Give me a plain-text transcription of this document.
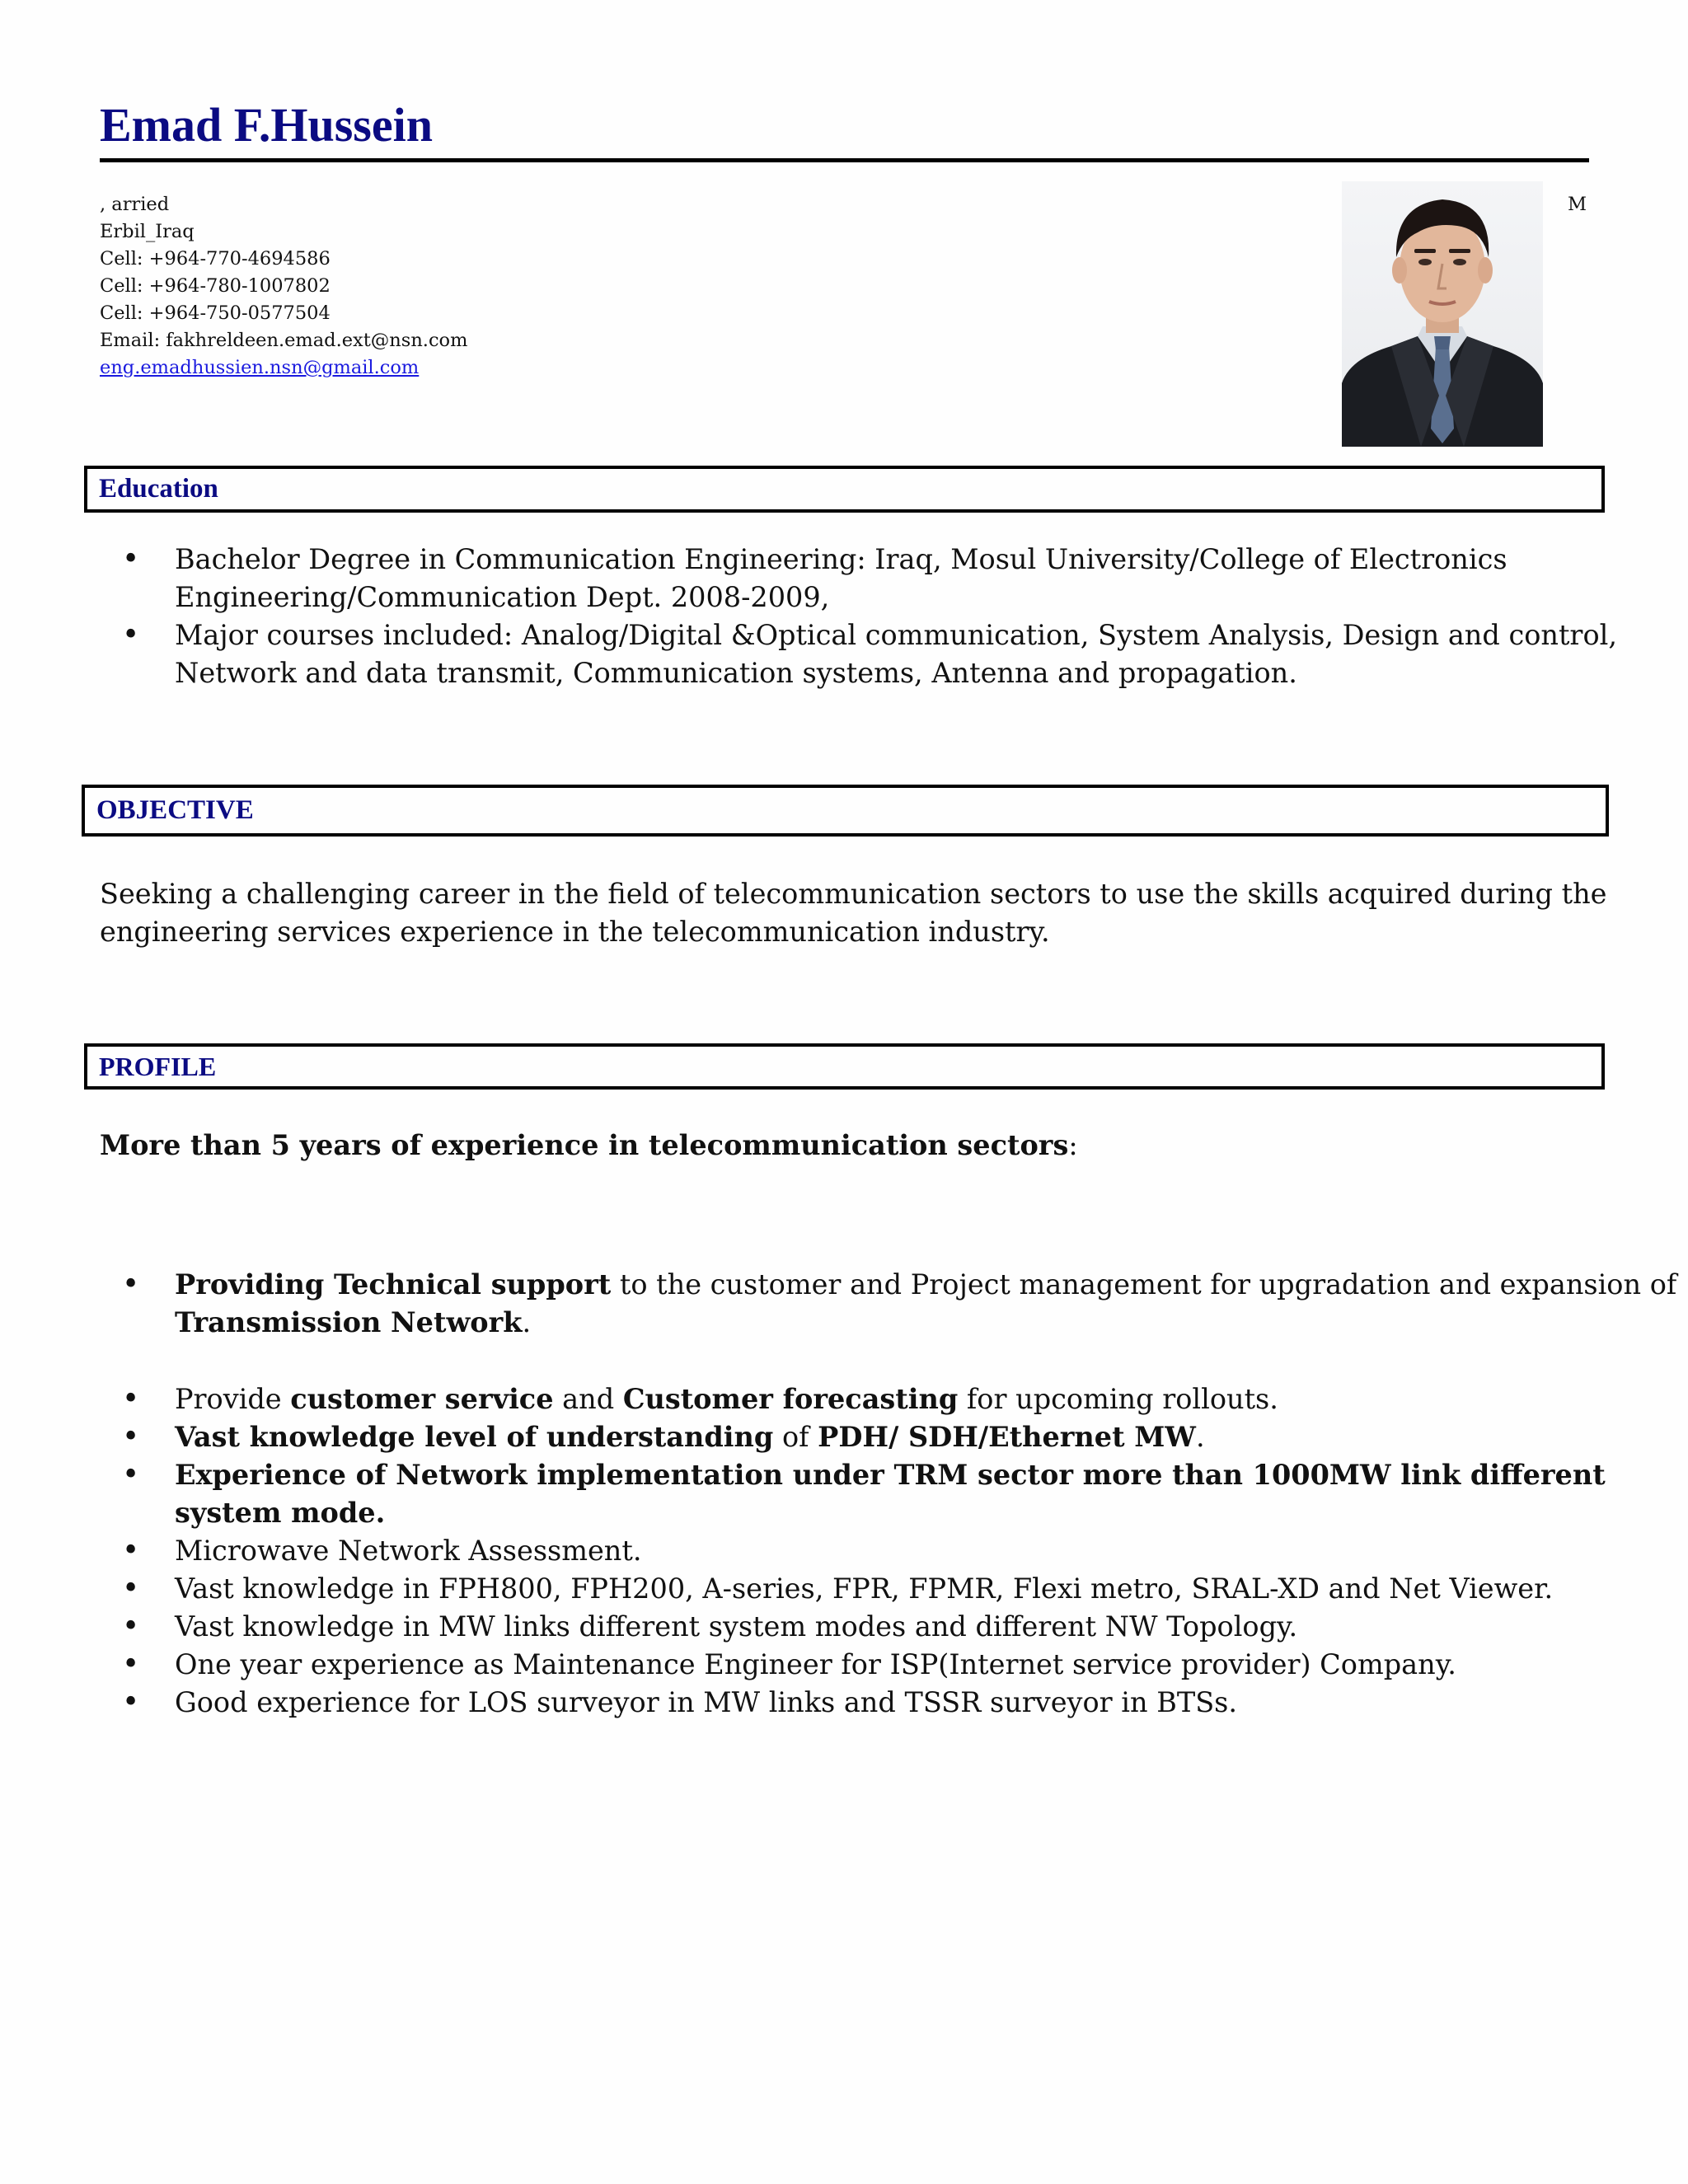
Emad F.Hussein
, arried
Erbil_Iraq
Cell: +964-770-4694586
Cell: +964-780-1007802
Cell: +964-750-0577504
Email: fakhreldeen.emad.ext@nsn.com
eng.emadhussien.nsn@gmail.com
M
Education
• Bachelor Degree in Communication Engineering: Iraq, Mosul University/College of Electronics
Engineering/Communication Dept. 2008-2009,
• Major courses included: Analog/Digital &Optical communication, System Analysis, Design and control,
Network and data transmit, Communication systems, Antenna and propagation.
OBJECTIVE
Seeking a challenging career in the field of telecommunication sectors to use the skills acquired during the
engineering services experience in the telecommunication industry.
PROFILE
More than 5 years of experience in telecommunication sectors:
• Providing Technical support to the customer and Project management for upgradation and expansion of
Transmission Network.
• Provide customer service and Customer forecasting for upcoming rollouts.
• Vast knowledge level of understanding of PDH/ SDH/Ethernet MW.
• Experience of Network implementation under TRM sector more than 1000MW link different
system mode.
• Microwave Network Assessment.
• Vast knowledge in FPH800, FPH200, A-series, FPR, FPMR, Flexi metro, SRAL-XD and Net Viewer.
• Vast knowledge in MW links different system modes and different NW Topology.
• One year experience as Maintenance Engineer for ISP(Internet service provider) Company.
• Good experience for LOS surveyor in MW links and TSSR surveyor in BTSs.
